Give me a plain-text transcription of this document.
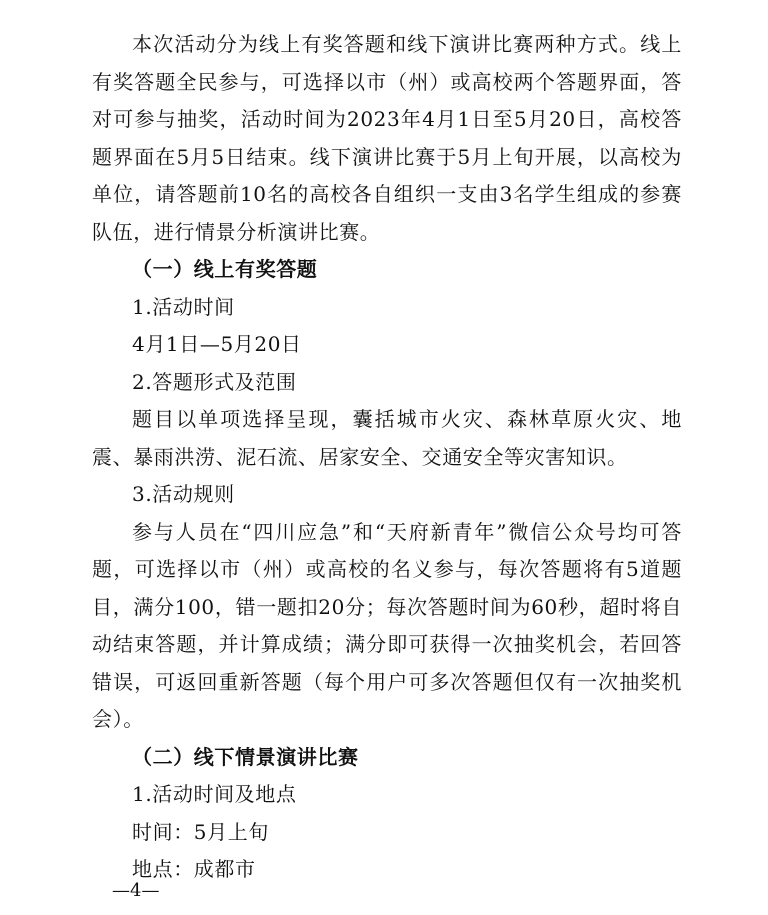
本次活动分为线上有奖答题和线下演讲比赛两种方式。线上有奖答题全民参与，可选择以市（州）或高校两个答题界面，答对可参与抽奖，活动时间为2023年4月1日至5月20日，高校答题界面在5月5日结束。线下演讲比赛于5月上旬开展，以高校为单位，请答题前10名的高校各自组织一支由3名学生组成的参赛队伍，进行情景分析演讲比赛。

（一）线上有奖答题

1.活动时间

4月1日—5月20日

2.答题形式及范围

题目以单项选择呈现，囊括城市火灾、森林草原火灾、地震、暴雨洪涝、泥石流、居家安全、交通安全等灾害知识。

3.活动规则

参与人员在“四川应急”和“天府新青年”微信公众号均可答题，可选择以市（州）或高校的名义参与，每次答题将有5道题目，满分100，错一题扣20分；每次答题时间为60秒，超时将自动结束答题，并计算成绩；满分即可获得一次抽奖机会，若回答错误，可返回重新答题（每个用户可多次答题但仅有一次抽奖机会）。

（二）线下情景演讲比赛

1.活动时间及地点

时间：5月上旬

地点：成都市

—4—
